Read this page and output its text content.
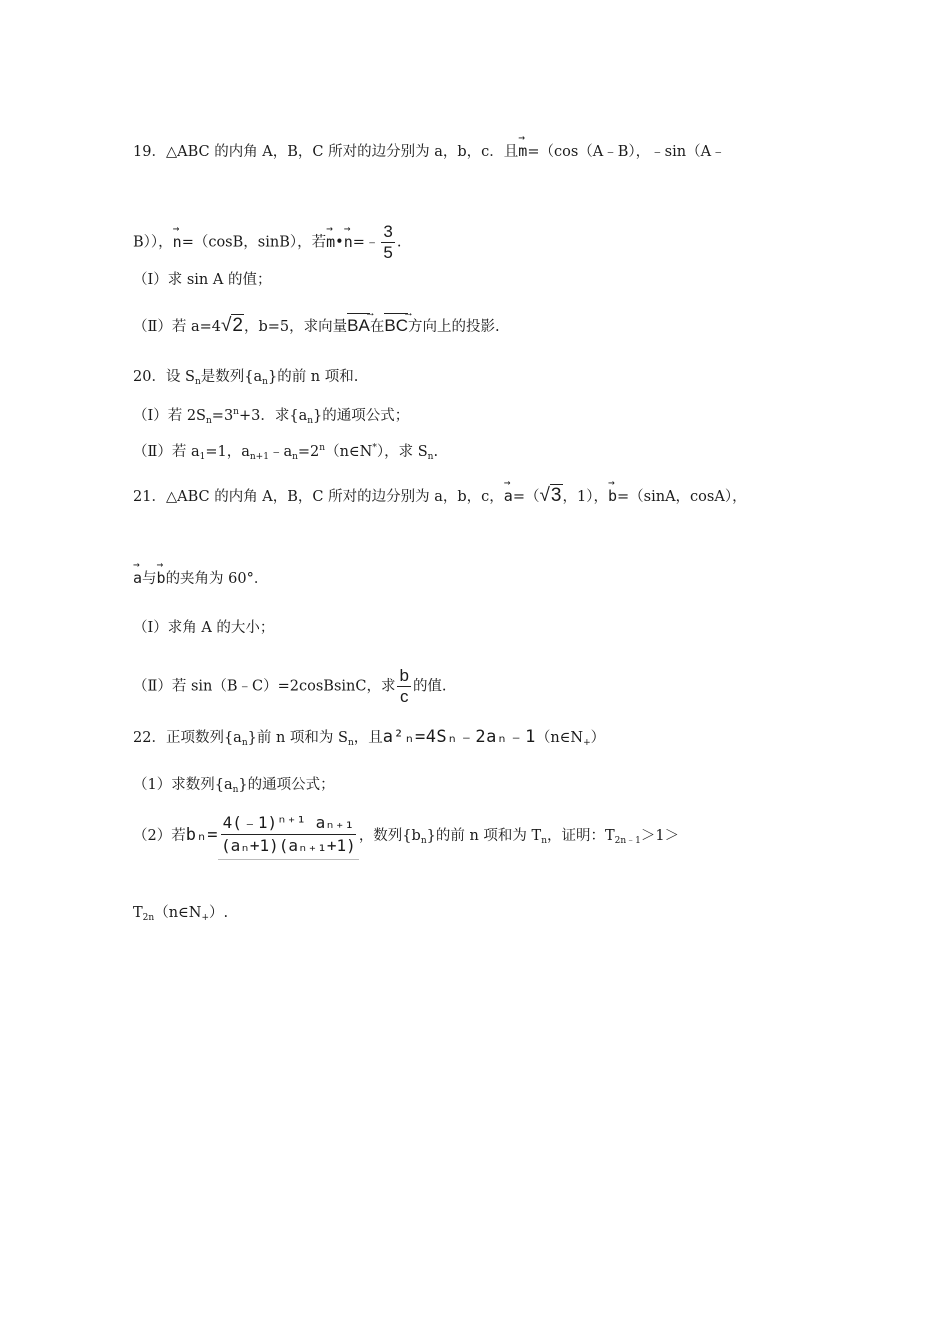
19．△ABC 的内角 A，B，C 所对的边分别为 a，b，c．且→ m=（cos（A﹣B），﹣sin（A﹣
B）），→ n=（cosB，sinB），若→ m•→ n=﹣ $\frac{3}{5}$ .
（Ⅰ）求 sin A 的值；
（Ⅱ）若 a=4√2，b=5，求向量BA →在BC →方向上的投影.
20．设 $S_n$是数列$\{a_n\}$的前 n 项和.
（Ⅰ）若 $2S_n=3^n+3$．求$\{a_n\}$的通项公式；
（Ⅱ）若 $a_1=1$，$a_{n+1}﹣a_n=2^n(n\in N^*)$，求 $S_n$.
21．△ABC 的内角 A，B，C 所对的边分别为 a，b，c，→ a=（√3，1），→ b=（sinA，cosA），
→ a与→ b的夹角为 60°．
（Ⅰ）求角 A 的大小；
（Ⅱ）若 sin（B﹣C）=2cosBsinC，求 $\frac{b}{c}$ 的值.
22．正项数列$\{a_n\}$前 n 项和为 $S_n$，且$a^2_n=4S_n﹣2a_n﹣1(n\in N_+)$
（1）求数列$\{a_n\}$的通项公式；
（2）若$b_n= \frac{\text{4(﹣1)ⁿ⁺¹ aₙ₊₁}}{\text{(aₙ+1)(aₙ₊₁+1)}}$ ，数列$\{b_n\}$的前 n 项和为 $T_n$，证明：$T_{2n﹣1}>1>$
$T_{2n}(n\in N_+)$.
